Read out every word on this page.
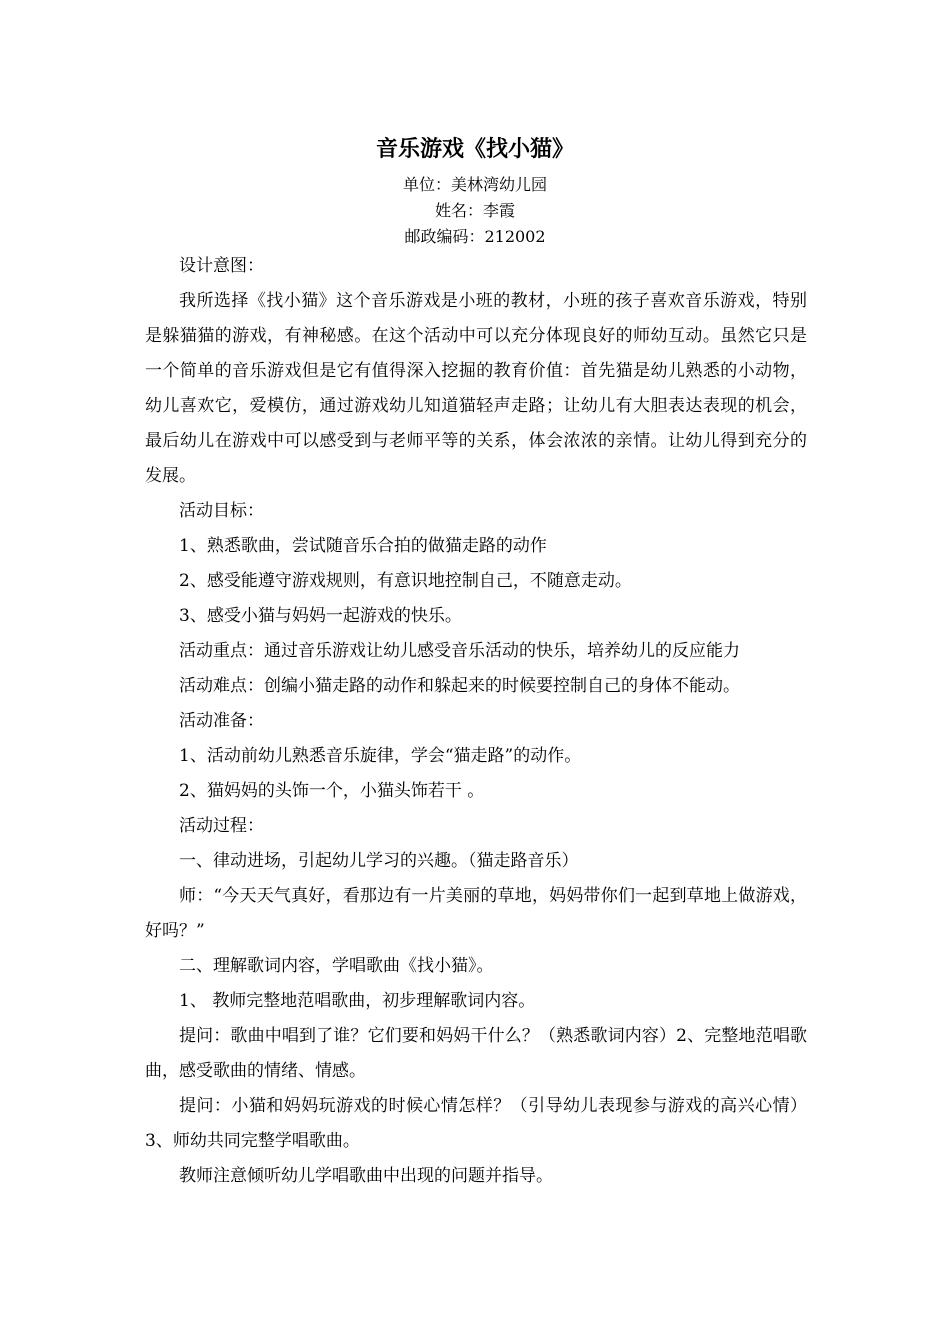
音乐游戏《找小猫》
单位：美林湾幼儿园
姓名：李霞
邮政编码：212002

设计意图：

我所选择《找小猫》这个音乐游戏是小班的教材，小班的孩子喜欢音乐游戏，特别是躲猫猫的游戏，有神秘感。在这个活动中可以充分体现良好的师幼互动。虽然它只是一个简单的音乐游戏但是它有值得深入挖掘的教育价值：首先猫是幼儿熟悉的小动物，幼儿喜欢它，爱模仿，通过游戏幼儿知道猫轻声走路；让幼儿有大胆表达表现的机会，最后幼儿在游戏中可以感受到与老师平等的关系，体会浓浓的亲情。让幼儿得到充分的发展。

活动目标：

1、熟悉歌曲，尝试随音乐合拍的做猫走路的动作

2、感受能遵守游戏规则，有意识地控制自己，不随意走动。

3、感受小猫与妈妈一起游戏的快乐。

活动重点：通过音乐游戏让幼儿感受音乐活动的快乐，培养幼儿的反应能力

活动难点：创编小猫走路的动作和躲起来的时候要控制自己的身体不能动。

活动准备：

1、活动前幼儿熟悉音乐旋律，学会“猫走路”的动作。

2、猫妈妈的头饰一个，小猫头饰若干 。

活动过程：

一、律动进场，引起幼儿学习的兴趣。（猫走路音乐）

师：“今天天气真好，看那边有一片美丽的草地，妈妈带你们一起到草地上做游戏，好吗？”

二、理解歌词内容，学唱歌曲《找小猫》。

1、 教师完整地范唱歌曲，初步理解歌词内容。

提问：歌曲中唱到了谁？它们要和妈妈干什么？（熟悉歌词内容）2、完整地范唱歌曲，感受歌曲的情绪、情感。

提问：小猫和妈妈玩游戏的时候心情怎样？（引导幼儿表现参与游戏的高兴心情）3、师幼共同完整学唱歌曲。

教师注意倾听幼儿学唱歌曲中出现的问题并指导。
